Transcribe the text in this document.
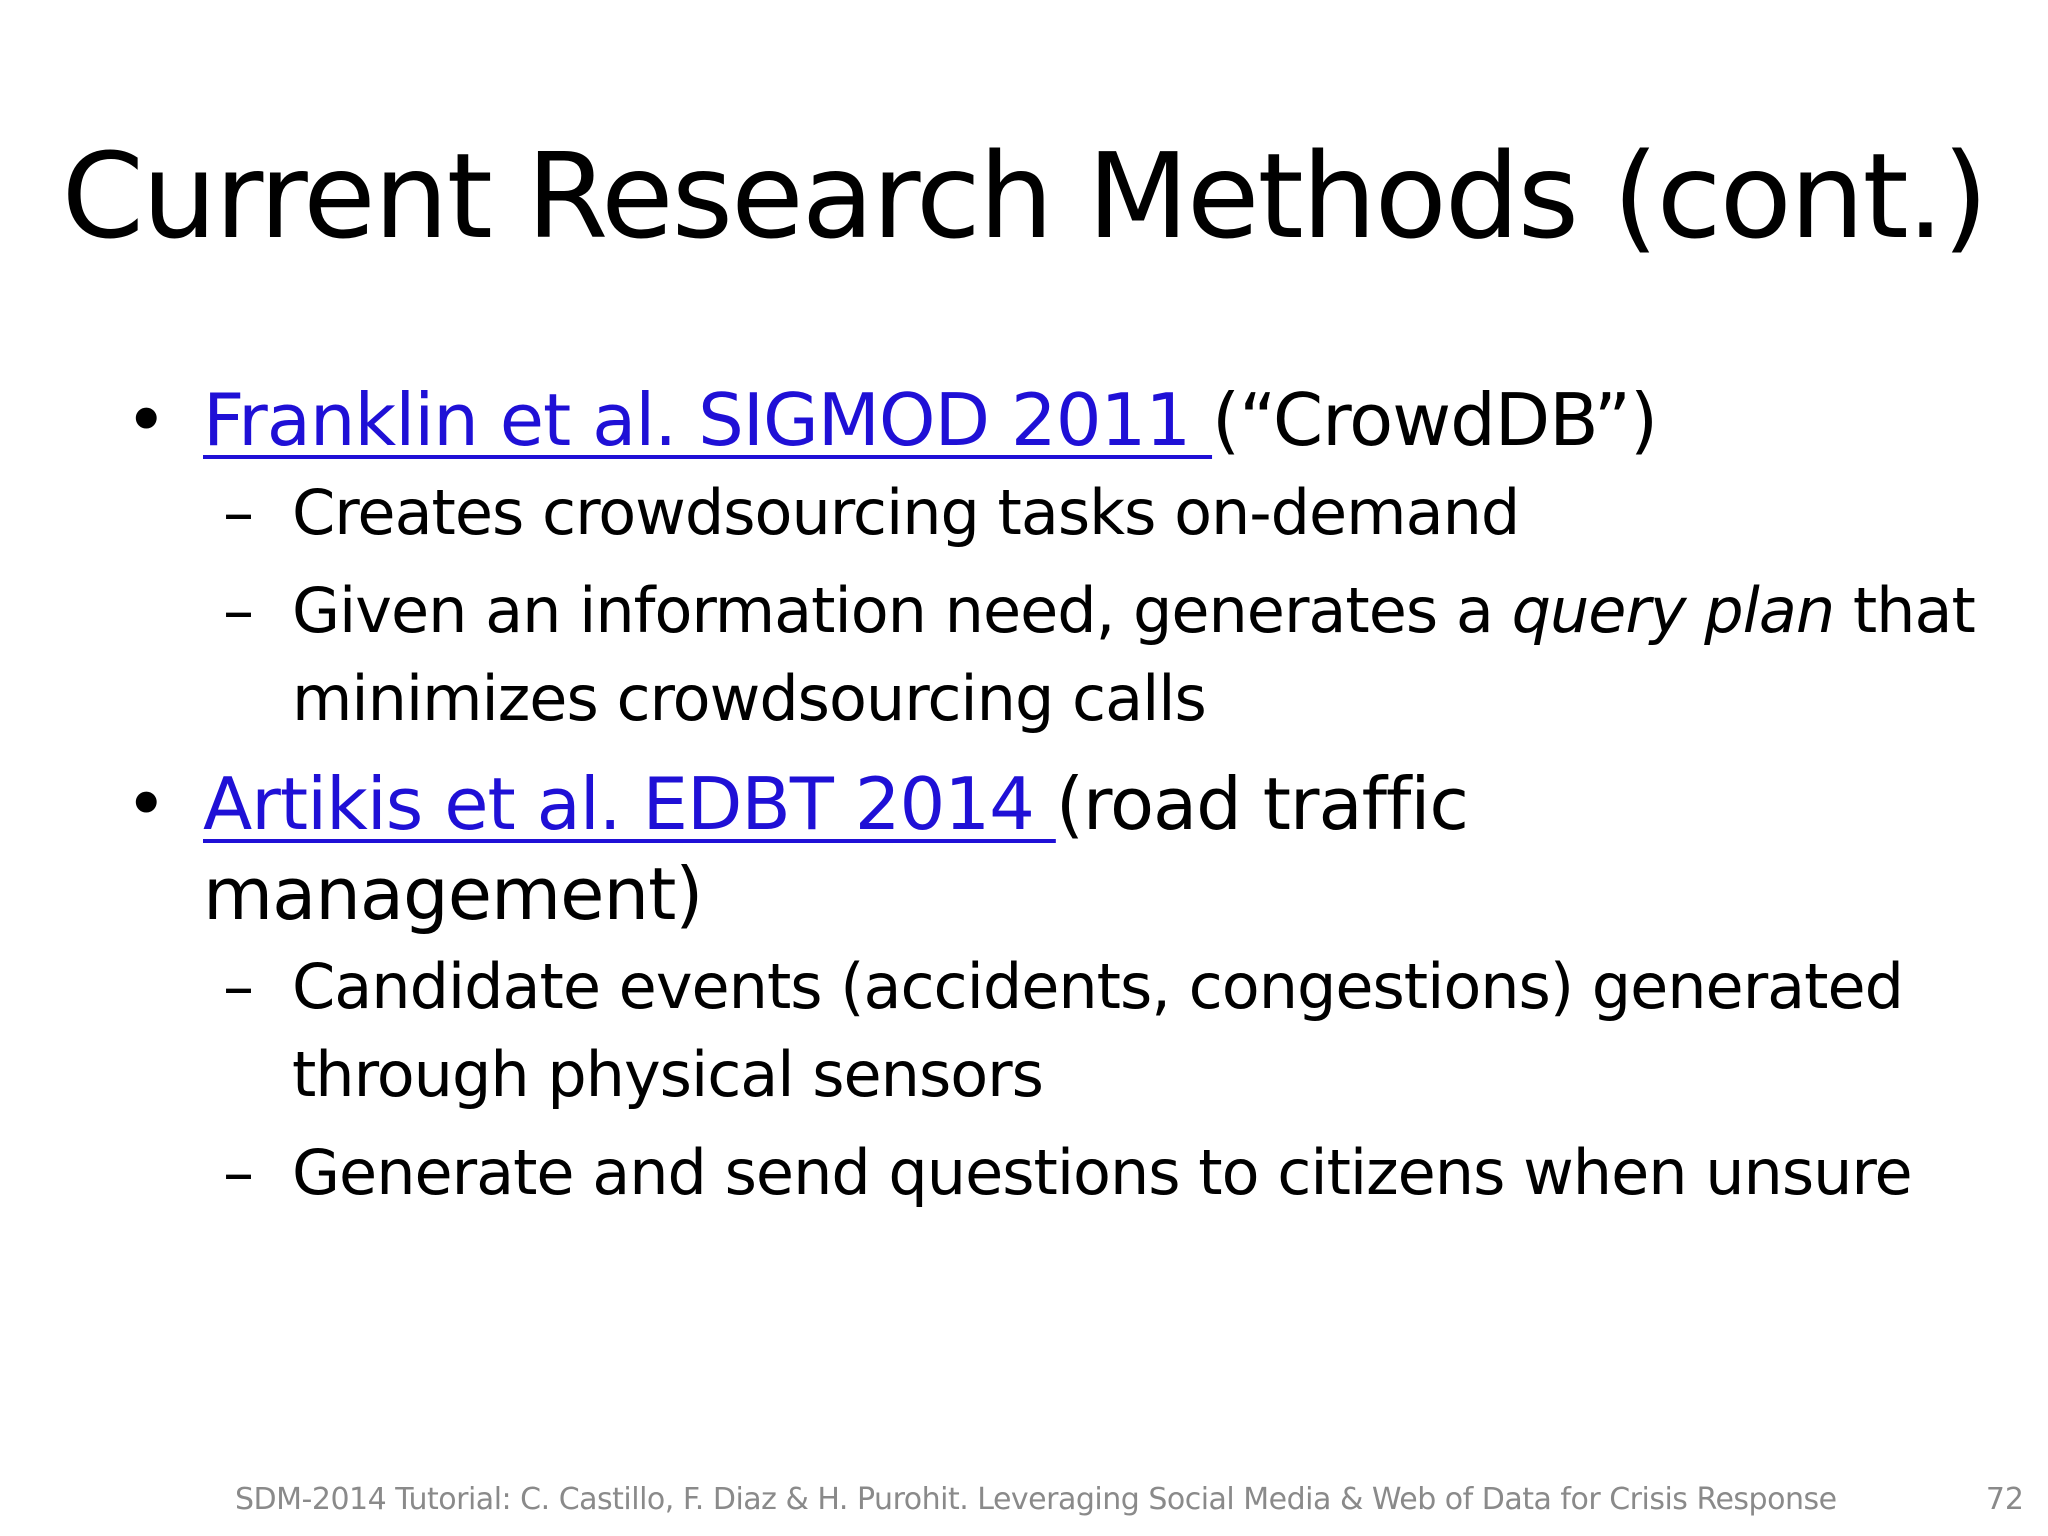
Current Research Methods (cont.)
• Franklin et al. SIGMOD 2011 (“CrowdDB”)
– Creates crowdsourcing tasks on-demand
– Given an information need, generates a query plan that minimizes crowdsourcing calls
• Artikis et al. EDBT 2014 (road traffic management)
– Candidate events (accidents, congestions) generated through physical sensors
– Generate and send questions to citizens when unsure
SDM-2014 Tutorial: C. Castillo, F. Diaz & H. Purohit. Leveraging Social Media & Web of Data for Crisis Response	72
